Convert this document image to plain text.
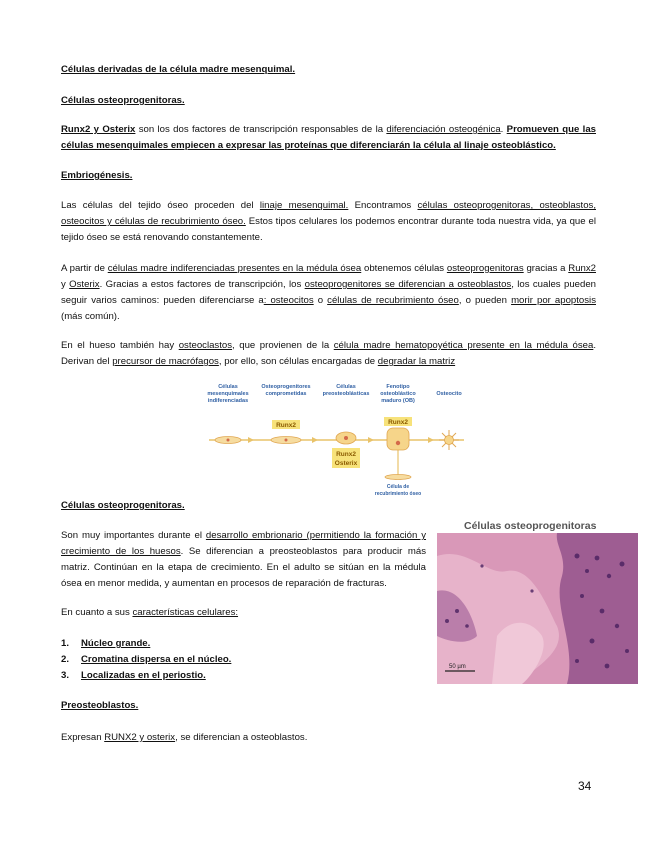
Células derivadas de la célula madre mesenquimal.
Células osteoprogenitoras.

Runx2 y Osterix son los dos factores de transcripción responsables de la diferenciación osteogénica. Promueven que las células mesenquimales empiecen a expresar las proteínas que diferenciarán la célula al linaje osteoblástico.

Embriogénesis.

Las células del tejido óseo proceden del linaje mesenquimal. Encontramos células osteoprogenitoras, osteoblastos, osteocitos y células de recubrimiento óseo. Estos tipos celulares los podemos encontrar durante toda nuestra vida, ya que el tejido óseo se está renovando constantemente.

A partir de células madre indiferenciadas presentes en la médula ósea obtenemos células osteoprogenitoras gracias a Runx2 y Osterix. Gracias a estos factores de transcripción, los osteoprogenitores se diferencian a osteoblastos, los cuales pueden seguir varios caminos: pueden diferenciarse a: osteocitos o células de recubrimiento óseo, o pueden morir por apoptosis (más común).

En el hueso también hay osteoclastos, que provienen de la célula madre hematopoyética presente en la médula ósea. Derivan del precursor de macrófagos, por ello, son células encargadas de degradar la matriz

Células mesenquimales indiferenciadas
Osteoprogenitores comprometidas
Células preosteoblásticas
Fenotipo osteoblástico maduro (OB)
Osteocito
Runx2
Runx2
Osterix
Runx2
Célula de recubrimiento óseo
Células osteoprogenitoras.

Son muy importantes durante el desarrollo embrionario (permitiendo la formación y crecimiento de los huesos. Se diferencian a preosteoblastos para producir más matriz. Continúan en la etapa de crecimiento. En el adulto se sitúan en la médula ósea en menor medida, y aumentan en procesos de reparación de fracturas.

Células osteoprogenitoras
50 µm

En cuanto a sus características celulares:

1. Núcleo grande.
2. Cromatina dispersa en el núcleo.
3. Localizadas en el periostio.
Preosteoblastos.

Expresan RUNX2 y osterix, se diferencian a osteoblastos.

34
